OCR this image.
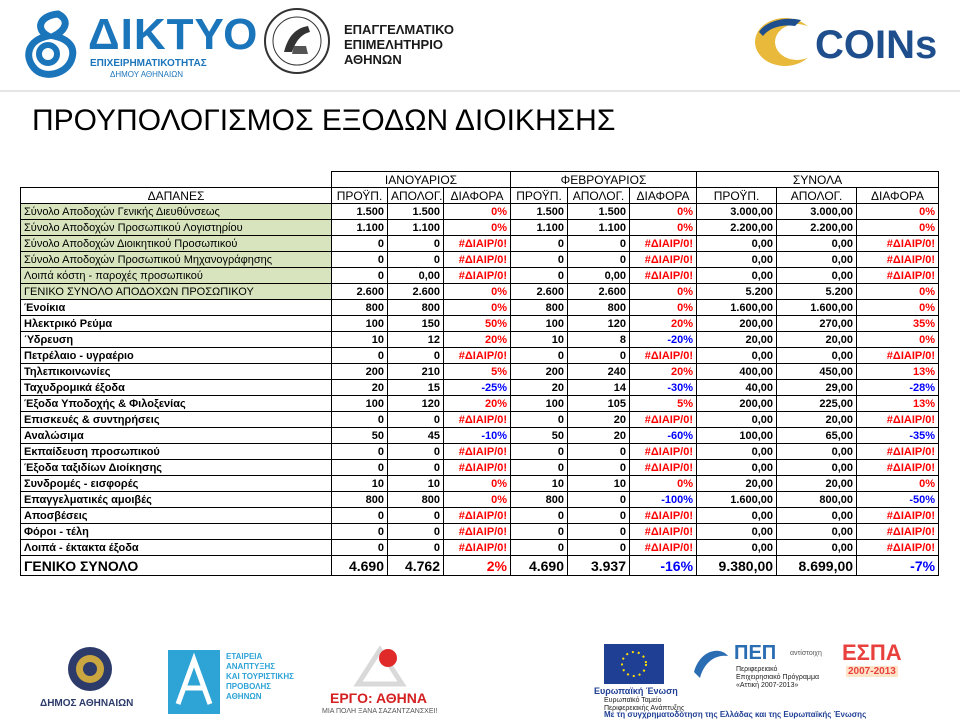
ΔΙΚΤΥΟ
ΕΠΙΧΕΙΡΗΜΑΤΙΚΟΤΗΤΑΣ
ΔΗΜΟΥ ΑΘΗΝΑΙΩΝ
ΕΠΑΓΓΕΛΜΑΤΙΚΟ
ΕΠΙΜΕΛΗΤΗΡΙΟ
ΑΘΗΝΩΝ	COINs
ΠΡΟΥΠΟΛΟΓΙΣΜΟΣ ΕΞΟΔΩΝ ΔΙΟΙΚΗΣΗΣ
	ΙΑΝΟΥΑΡΙΟΣ			ΦΕΒΡΟΥΑΡΙΟΣ			ΣΥΝΟΛΑ		
ΔΑΠΑΝΕΣ	ΠΡΟΫΠ.	ΑΠΟΛΟΓ.	ΔΙΑΦΟΡΑ	ΠΡΟΫΠ.	ΑΠΟΛΟΓ.	ΔΙΑΦΟΡΑ	ΠΡΟΫΠ.	ΑΠΟΛΟΓ.	ΔΙΑΦΟΡΑ
Σύνολο Αποδοχών Γενικής Διευθύνσεως	1.500	1.500	0%	1.500	1.500	0%	3.000,00	3.000,00	0%
Σύνολο Αποδοχών Προσωπικού Λογιστηρίου	1.100	1.100	0%	1.100	1.100	0%	2.200,00	2.200,00	0%
Σύνολο Αποδοχών Διοικητικού Προσωπικού	0	0	#ΔΙΑΙΡ/0!	0	0	#ΔΙΑΙΡ/0!	0,00	0,00	#ΔΙΑΙΡ/0!
Σύνολο Αποδοχών Προσωπικού Μηχανογράφησης	0	0	#ΔΙΑΙΡ/0!	0	0	#ΔΙΑΙΡ/0!	0,00	0,00	#ΔΙΑΙΡ/0!
Λοιπά κόστη - παροχές προσωπικού	0	0,00	#ΔΙΑΙΡ/0!	0	0,00	#ΔΙΑΙΡ/0!	0,00	0,00	#ΔΙΑΙΡ/0!
ΓΕΝΙΚΟ ΣΥΝΟΛΟ ΑΠΟΔΟΧΩΝ ΠΡΟΣΩΠΙΚΟΥ	2.600	2.600	0%	2.600	2.600	0%	5.200	5.200	0%
Ένοίκια	800	800	0%	800	800	0%	1.600,00	1.600,00	0%
Ηλεκτρικό Ρεύμα	100	150	50%	100	120	20%	200,00	270,00	35%
Ύδρευση	10	12	20%	10	8	-20%	20,00	20,00	0%
Πετρέλαιο - υγραέριο	0	0	#ΔΙΑΙΡ/0!	0	0	#ΔΙΑΙΡ/0!	0,00	0,00	#ΔΙΑΙΡ/0!
Τηλεπικοινωνίες	200	210	5%	200	240	20%	400,00	450,00	13%
Ταχυδρομικά έξοδα	20	15	-25%	20	14	-30%	40,00	29,00	-28%
Έξοδα Υποδοχής & Φιλοξενίας	100	120	20%	100	105	5%	200,00	225,00	13%
Επισκευές & συντηρήσεις	0	0	#ΔΙΑΙΡ/0!	0	20	#ΔΙΑΙΡ/0!	0,00	20,00	#ΔΙΑΙΡ/0!
Αναλώσιμα	50	45	-10%	50	20	-60%	100,00	65,00	-35%
Εκπαίδευση προσωπικού	0	0	#ΔΙΑΙΡ/0!	0	0	#ΔΙΑΙΡ/0!	0,00	0,00	#ΔΙΑΙΡ/0!
Έξοδα ταξιδίων Διοίκησης	0	0	#ΔΙΑΙΡ/0!	0	0	#ΔΙΑΙΡ/0!	0,00	0,00	#ΔΙΑΙΡ/0!
Συνδρομές - εισφορές	10	10	0%	10	10	0%	20,00	20,00	0%
Επαγγελματικές αμοιβές	800	800	0%	800	0	-100%	1.600,00	800,00	-50%
Αποσβέσεις	0	0	#ΔΙΑΙΡ/0!	0	0	#ΔΙΑΙΡ/0!	0,00	0,00	#ΔΙΑΙΡ/0!
Φόροι - τέλη	0	0	#ΔΙΑΙΡ/0!	0	0	#ΔΙΑΙΡ/0!	0,00	0,00	#ΔΙΑΙΡ/0!
Λοιπά - έκτακτα έξοδα	0	0	#ΔΙΑΙΡ/0!	0	0	#ΔΙΑΙΡ/0!	0,00	0,00	#ΔΙΑΙΡ/0!
ΓΕΝΙΚΟ ΣΥΝΟΛΟ	4.690	4.762	2%	4.690	3.937	-16%	9.380,00	8.699,00	-7%
ΔΗΜΟΣ ΑΘΗΝΑΙΩΝ
ΕΤΑΙΡΕΙΑ
ΑΝΑΠΤΥΞΗΣ
ΚΑΙ ΤΟΥΡΙΣΤΙΚΗΣ
ΠΡΟΒΟΛΗΣ
ΑΘΗΝΩΝ	ΕΡΓΟ: ΑΘΗΝΑ
ΜΙΑ ΠΟΛΗ ΞΑΝΑ ΣΑΖΑΝΤΖΑΝΣΧΕΙ!
Ευρωπαϊκή Ένωση
Ευρωπαϊκό Ταμείο
Περιφερειακής Ανάπτυξης
ΠΕΠ
Περιφερειακό
Επιχειρησιακό Πρόγραμμα
«Αττική 2007-2013»
αντίστοιχη ΕΣΠΑ
2007-2013
Με τη συγχρηματοδότηση της Ελλάδας και της Ευρωπαϊκής Ένωσης
